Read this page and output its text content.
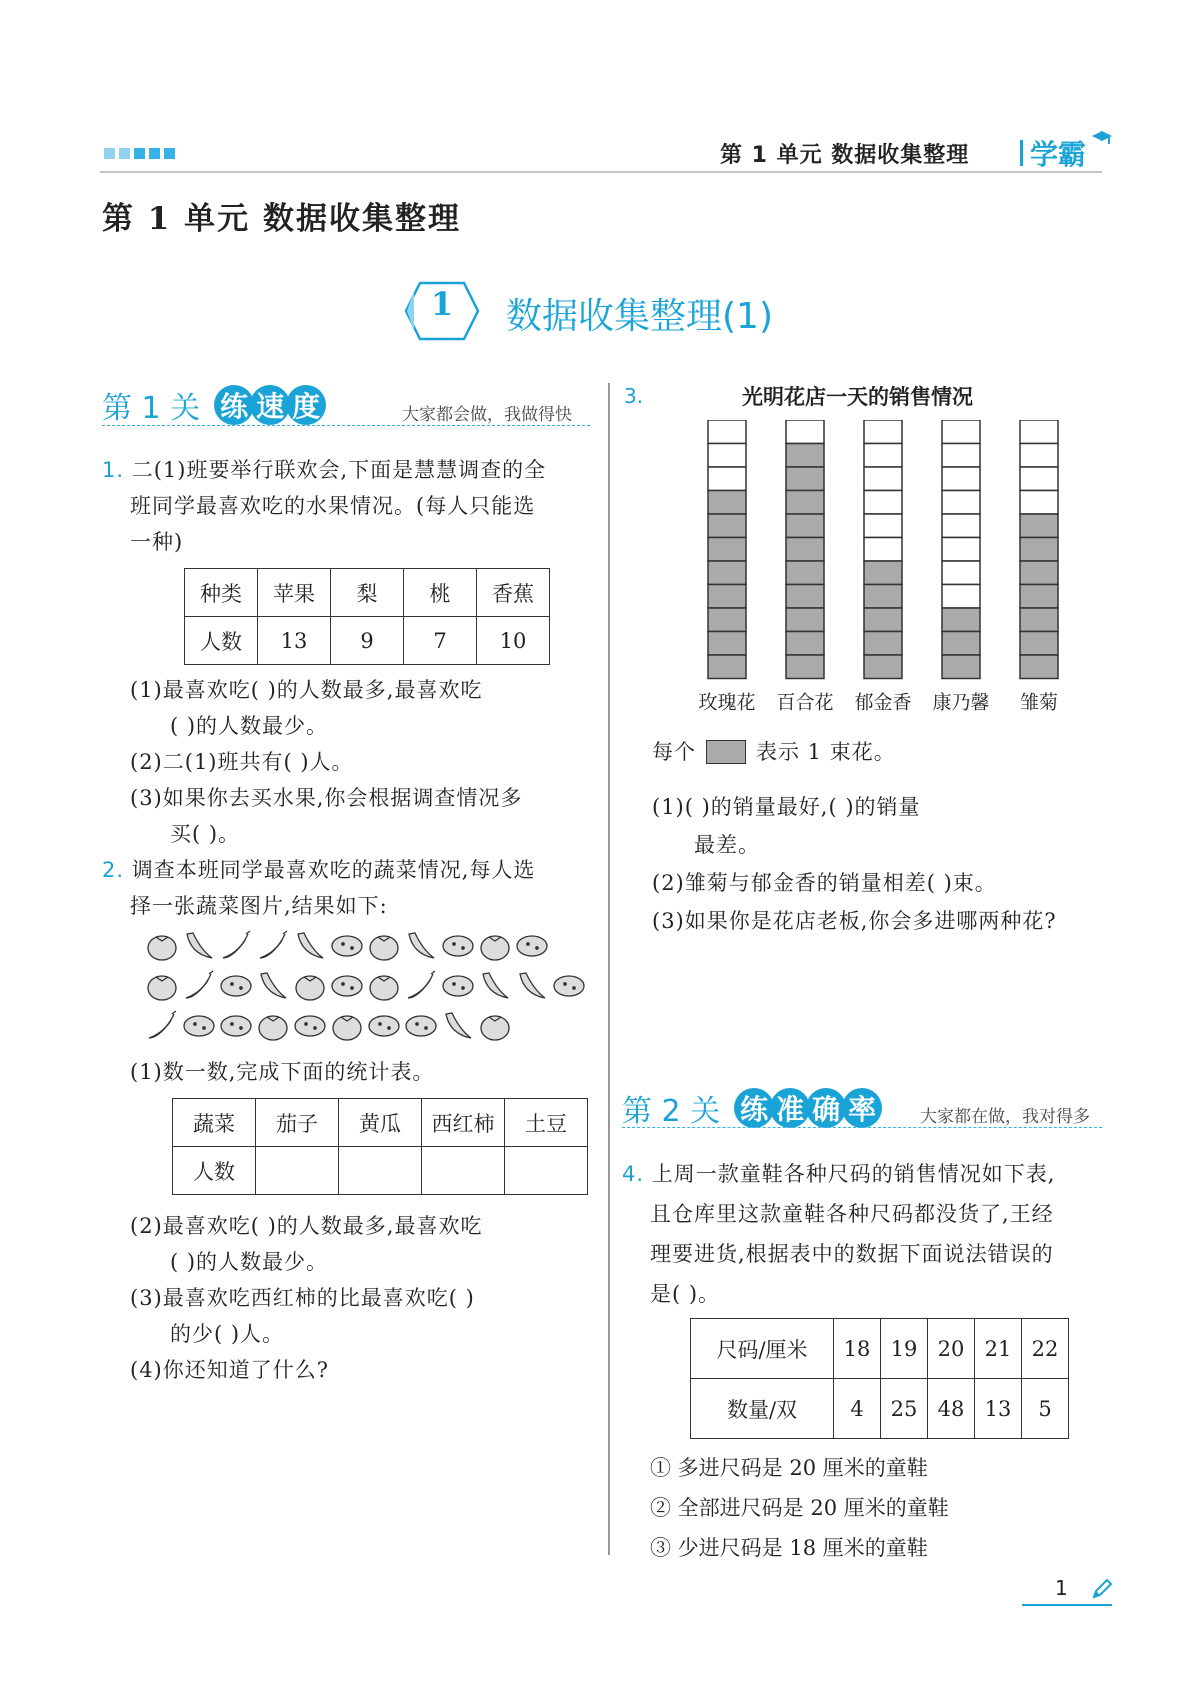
第 1 单元 数据收集整理 学霸
第 1 单元 数据收集整理
1 数据收集整理(1)
第 1 关 练 速 度	大家都会做，我做得快
1. 二(1)班要举行联欢会,下面是慧慧调查的全
班同学最喜欢吃的水果情况。(每人只能选
一种)
种类	苹果	梨	桃	香蕉
人数	13	9	7	10
(1)最喜欢吃( )的人数最多,最喜欢吃
( )的人数最少。
(2)二(1)班共有( )人。
(3)如果你去买水果,你会根据调查情况多
买( )。
2. 调查本班同学最喜欢吃的蔬菜情况,每人选
择一张蔬菜图片,结果如下:
(1)数一数,完成下面的统计表。
蔬菜	茄子	黄瓜	西红柿	土豆
人数				
(2)最喜欢吃( )的人数最多,最喜欢吃
( )的人数最少。
(3)最喜欢吃西红柿的比最喜欢吃( )
的少( )人。
(4)你还知道了什么?
3.	光明花店一天的销售情况
玫瑰花 百合花 郁金香 康乃馨 雏菊
每个	表示 1 束花。
(1)( )的销量最好,( )的销量
最差。
(2)雏菊与郁金香的销量相差( )束。
(3)如果你是花店老板,你会多进哪两种花?
第 2 关 练 准 确 率	大家都在做，我对得多
4. 上周一款童鞋各种尺码的销售情况如下表,
且仓库里这款童鞋各种尺码都没货了,王经
理要进货,根据表中的数据下面说法错误的
是( )。
尺码/厘米	18	19	20	21	22
数量/双	4	25	48	13	5
① 多进尺码是 20 厘米的童鞋
② 全部进尺码是 20 厘米的童鞋
③ 少进尺码是 18 厘米的童鞋
1
